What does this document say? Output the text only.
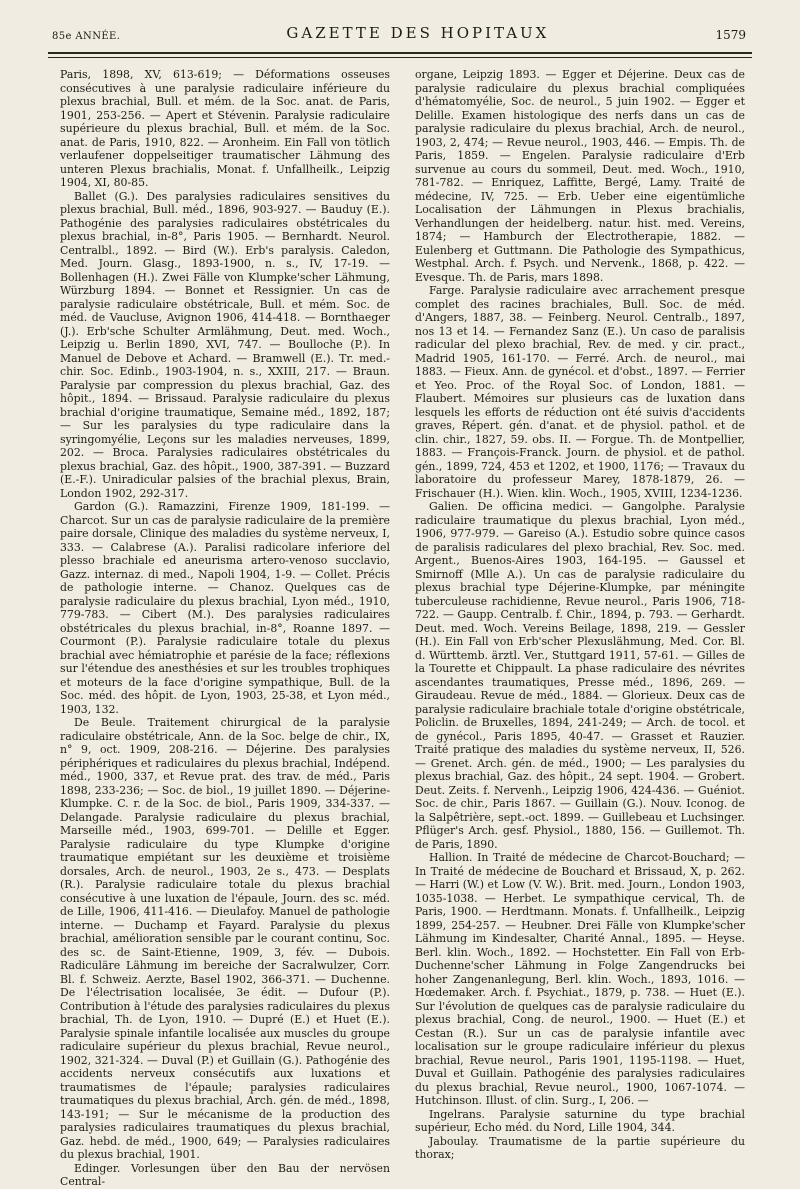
85e ANNÉE.	GAZETTE DES HOPITAUX	1579

Paris, 1898, XV, 613-619; — Déformations osseuses consécutives à une paralysie radiculaire inférieure du plexus brachial, Bull. et mém. de la Soc. anat. de Paris, 1901, 253-256. — Apert et Stévenin. Paralysie radiculaire supérieure du plexus brachial, Bull. et mém. de la Soc. anat. de Paris, 1910, 822. — Aronheim. Ein Fall von tötlich verlaufener doppelseitiger traumatischer Lähmung des unteren Plexus brachialis, Monat. f. Unfallheilk., Leipzig 1904, XI, 80-85.

Ballet (G.). Des paralysies radiculaires sensitives du plexus brachial, Bull. méd., 1896, 903-927. — Bauduy (E.). Pathogénie des paralysies radiculaires obstétricales du plexus brachial, in-8°, Paris 1905. — Bernhardt. Neurol. Centralbl., 1892. — Bird (W.). Erb's paralysis. Caledon, Med. Journ. Glasg., 1893-1900, n. s., IV, 17-19. — Bollenhagen (H.). Zwei Fälle von Klumpke'scher Lähmung, Würzburg 1894. — Bonnet et Ressignier. Un cas de paralysie radiculaire obstétricale, Bull. et mém. Soc. de méd. de Vaucluse, Avignon 1906, 414-418. — Bornthaeger (J.). Erb'sche Schulter Armlähmung, Deut. med. Woch., Leipzig u. Berlin 1890, XVI, 747. — Boulloche (P.). In Manuel de Debove et Achard. — Bramwell (E.). Tr. med.-chir. Soc. Edinb., 1903-1904, n. s., XXIII, 217. — Braun. Paralysie par compression du plexus brachial, Gaz. des hôpit., 1894. — Brissaud. Paralysie radiculaire du plexus brachial d'origine traumatique, Semaine méd., 1892, 187; — Sur les paralysies du type radiculaire dans la syringomyélie, Leçons sur les maladies nerveuses, 1899, 202. — Broca. Paralysies radiculaires obstétricales du plexus brachial, Gaz. des hôpit., 1900, 387-391. — Buzzard (E.-F.). Uniradicular palsies of the brachial plexus, Brain, London 1902, 292-317.

Gardon (G.). Ramazzini, Firenze 1909, 181-199. — Charcot. Sur un cas de paralysie radiculaire de la première paire dorsale, Clinique des maladies du système nerveux, I, 333. — Calabrese (A.). Paralisi radicolare inferiore del plesso brachiale ed aneurisma artero-venoso succlavio, Gazz. internaz. di med., Napoli 1904, 1-9. — Collet. Précis de pathologie interne. — Chanoz. Quelques cas de paralysie radiculaire du plexus brachial, Lyon méd., 1910, 779-783. — Cibert (M.). Des paralysies radiculaires obstétricales du plexus brachial, in-8°, Roanne 1897. — Courmont (P.). Paralysie radiculaire totale du plexus brachial avec hémiatrophie et parésie de la face; réflexions sur l'étendue des anesthésies et sur les troubles trophiques et moteurs de la face d'origine sympathique, Bull. de la Soc. méd. des hôpit. de Lyon, 1903, 25-38, et Lyon méd., 1903, 132.

De Beule. Traitement chirurgical de la paralysie radiculaire obstétricale, Ann. de la Soc. belge de chir., IX, n° 9, oct. 1909, 208-216. — Déjerine. Des paralysies périphériques et radiculaires du plexus brachial, Indépend. méd., 1900, 337, et Revue prat. des trav. de méd., Paris 1898, 233-236; — Soc. de biol., 19 juillet 1890. — Déjerine-Klumpke. C. r. de la Soc. de biol., Paris 1909, 334-337. — Delangade. Paralysie radiculaire du plexus brachial, Marseille méd., 1903, 699-701. — Delille et Egger. Paralysie radiculaire du type Klumpke d'origine traumatique empiétant sur les deuxième et troisième dorsales, Arch. de neurol., 1903, 2e s., 473. — Desplats (R.). Paralysie radiculaire totale du plexus brachial consécutive à une luxation de l'épaule, Journ. des sc. méd. de Lille, 1906, 411-416. — Dieulafoy. Manuel de pathologie interne. — Duchamp et Fayard. Paralysie du plexus brachial, amélioration sensible par le courant continu, Soc. des sc. de Saint-Etienne, 1909, 3, fév. — Dubois. Radiculäre Lähmung im bereiche der Sacralwulzer, Corr. Bl. f. Schweiz. Aerzte, Basel 1902, 366-371. — Duchenne. De l'électrisation localisée, 3e édit. — Dufour (P.). Contribution à l'étude des paralysies radiculaires du plexus brachial, Th. de Lyon, 1910. — Dupré (E.) et Huet (E.). Paralysie spinale infantile localisée aux muscles du groupe radiculaire supérieur du plexus brachial, Revue neurol., 1902, 321-324. — Duval (P.) et Guillain (G.). Pathogénie des accidents nerveux consécutifs aux luxations et traumatismes de l'épaule; paralysies radiculaires traumatiques du plexus brachial, Arch. gén. de méd., 1898, 143-191; — Sur le mécanisme de la production des paralysies radiculaires traumatiques du plexus brachial, Gaz. hebd. de méd., 1900, 649; — Paralysies radiculaires du plexus brachial, 1901.

Edinger. Vorlesungen über den Bau der nervösen Central-

organe, Leipzig 1893. — Egger et Déjerine. Deux cas de paralysie radiculaire du plexus brachial compliquées d'hématomyélie, Soc. de neurol., 5 juin 1902. — Egger et Delille. Examen histologique des nerfs dans un cas de paralysie radiculaire du plexus brachial, Arch. de neurol., 1903, 2, 474; — Revue neurol., 1903, 446. — Empis. Th. de Paris, 1859. — Engelen. Paralysie radiculaire d'Erb survenue au cours du sommeil, Deut. med. Woch., 1910, 781-782. — Enriquez, Laffitte, Bergé, Lamy. Traité de médecine, IV, 725. — Erb. Ueber eine eigentümliche Localisation der Lähmungen in Plexus brachialis, Verhandlungen der heidelberg. natur. hist. med. Vereins, 1874; — Hamburch der Electrotherapie, 1882. — Eulenberg et Guttmann. Die Pathologie des Sympathicus, Westphal. Arch. f. Psych. und Nervenk., 1868, p. 422. — Evesque. Th. de Paris, mars 1898.

Farge. Paralysie radiculaire avec arrachement presque complet des racines brachiales, Bull. Soc. de méd. d'Angers, 1887, 38. — Feinberg. Neurol. Centralb., 1897, nos 13 et 14. — Fernandez Sanz (E.). Un caso de paralisis radicular del plexo brachial, Rev. de med. y cir. pract., Madrid 1905, 161-170. — Ferré. Arch. de neurol., mai 1883. — Fieux. Ann. de gynécol. et d'obst., 1897. — Ferrier et Yeo. Proc. of the Royal Soc. of London, 1881. — Flaubert. Mémoires sur plusieurs cas de luxation dans lesquels les efforts de réduction ont été suivis d'accidents graves, Répert. gén. d'anat. et de physiol. pathol. et de clin. chir., 1827, 59. obs. II. — Forgue. Th. de Montpellier, 1883. — François-Franck. Journ. de physiol. et de pathol. gén., 1899, 724, 453 et 1202, et 1900, 1176; — Travaux du laboratoire du professeur Marey, 1878-1879, 26. — Frischauer (H.). Wien. klin. Woch., 1905, XVIII, 1234-1236.

Galien. De officina medici. — Gangolphe. Paralysie radiculaire traumatique du plexus brachial, Lyon méd., 1906, 977-979. — Gareiso (A.). Estudio sobre quince casos de paralisis radiculares del plexo brachial, Rev. Soc. med. Argent., Buenos-Aires 1903, 164-195. — Gaussel et Smirnoff (Mlle A.). Un cas de paralysie radiculaire du plexus brachial type Déjerine-Klumpke, par méningite tuberculeuse rachidienne, Revue neurol., Paris 1906, 718-722. — Gaupp. Centralb. f. Chir., 1894, p. 793. — Gerhardt. Deut. med. Woch. Vereins Beilage, 1898, 219. — Gessler (H.). Ein Fall von Erb'scher Plexuslähmung, Med. Cor. Bl. d. Württemb. ärztl. Ver., Stuttgard 1911, 57-61. — Gilles de la Tourette et Chippault. La phase radiculaire des névrites ascendantes traumatiques, Presse méd., 1896, 269. — Giraudeau. Revue de méd., 1884. — Glorieux. Deux cas de paralysie radiculaire brachiale totale d'origine obstétricale, Policlin. de Bruxelles, 1894, 241-249; — Arch. de tocol. et de gynécol., Paris 1895, 40-47. — Grasset et Rauzier. Traité pratique des maladies du système nerveux, II, 526. — Grenet. Arch. gén. de méd., 1900; — Les paralysies du plexus brachial, Gaz. des hôpit., 24 sept. 1904. — Grobert. Deut. Zeits. f. Nervenh., Leipzig 1906, 424-436. — Guéniot. Soc. de chir., Paris 1867. — Guillain (G.). Nouv. Iconog. de la Salpêtrière, sept.-oct. 1899. — Guillebeau et Luchsinger. Pflüger's Arch. gesf. Physiol., 1880, 156. — Guillemot. Th. de Paris, 1890.

Hallion. In Traité de médecine de Charcot-Bouchard; — In Traité de médecine de Bouchard et Brissaud, X, p. 262. — Harri (W.) et Low (V. W.). Brit. med. Journ., London 1903, 1035-1038. — Herbet. Le sympathique cervical, Th. de Paris, 1900. — Herdtmann. Monats. f. Unfallheilk., Leipzig 1899, 254-257. — Heubner. Drei Fälle von Klumpke'scher Lähmung im Kindesalter, Charité Annal., 1895. — Heyse. Berl. klin. Woch., 1892. — Hochstetter. Ein Fall von Erb-Duchenne'scher Lähmung in Folge Zangendrucks bei hoher Zangenanlegung, Berl. klin. Woch., 1893, 1016. — Hœdemaker. Arch. f. Psychiat., 1879, p. 738. — Huet (E.). Sur l'évolution de quelques cas de paralysie radiculaire du plexus brachial, Cong. de neurol., 1900. — Huet (E.) et Cestan (R.). Sur un cas de paralysie infantile avec localisation sur le groupe radiculaire inférieur du plexus brachial, Revue neurol., Paris 1901, 1195-1198. — Huet, Duval et Guillain. Pathogénie des paralysies radiculaires du plexus brachial, Revue neurol., 1900, 1067-1074. — Hutchinson. Illust. of clin. Surg., I, 206. —

Ingelrans. Paralysie saturnine du type brachial supérieur, Echo méd. du Nord, Lille 1904, 344.

Jaboulay. Traumatisme de la partie supérieure du thorax;
